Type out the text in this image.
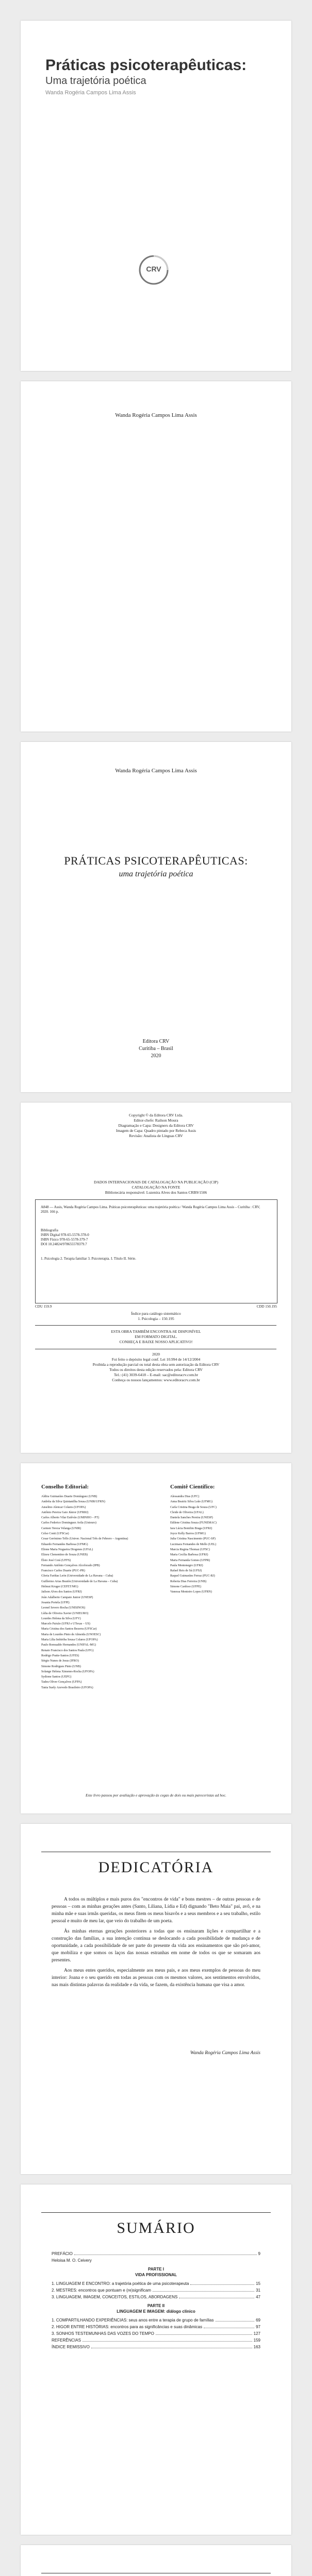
Práticas psicoterapêuticas:
Uma trajetória poética
Wanda Rogéria Campos Lima Assis
CRV
Wanda Rogéria Campos Lima Assis
Wanda Rogéria Campos Lima Assis
PRÁTICAS PSICOTERAPÊUTICAS:
uma trajetória poética
Editora CRV
Curitiba – Brasil
2020
Copyright © da Editora CRV Ltda.
Editor-chefe: Railson Moura
Diagramação e Capa: Designers da Editora CRV
Imagem de Capa: Quadro pintado por Rebeca Assis
Revisão: Analista de Línguas CRV
DADOS INTERNACIONAIS DE CATALOGAÇÃO NA PUBLICAÇÃO (CIP)
CATALOGAÇÃO NA FONTE
Bibliotecária responsável: Luzenira Alves dos Santos CRB9/1506
A848 — Assis, Wanda Rogéria Campos Lima. Práticas psicoterapêuticas: uma trajetória poética / Wanda Rogéria Campos Lima Assis – Curitiba : CRV, 2020. 166 p.
Bibliografia
ISBN Digital 978-65-5578-378-0
ISBN Físico 978-65-5578-379-7
DOI 10.24824/978655578379.7
1. Psicologia 2. Terapia familiar 3. Psicoterapia. I. Título II. Série.
CDU 159.9	CDD 150.195
Índice para catálogo sistemático
1. Psicologia – 150.195
ESTA OBRA TAMBÉM ENCONTRA-SE DISPONÍVEL
EM FORMATO DIGITAL.
CONHEÇA E BAIXE NOSSO APLICATIVO!
2020
Foi feito o depósito legal conf. Lei 10.994 de 14/12/2004
Proibida a reprodução parcial ou total desta obra sem autorização da Editora CRV
Todos os direitos desta edição reservados pela: Editora CRV
Tel.: (41) 3039-6418 – E-mail: sac@editoracrv.com.br
Conheça os nossos lançamentos: www.editoracrv.com.br
Conselho Editorial:	Comitê Científico:
Aldira Guimarães Duarte Domínguez (UNB)
Andréia da Silva Quintanilha Sousa (UNIR/UFRN)
Anselmo Alencar Colares (UFOPA)
Antônio Pereira Gaio Júnior (UFRRJ)
Carlos Alberto Vilar Estêvão (UMINHO – PT)
Carlos Federico Dominguez Avila (Unieuro)
Carmen Tereza Velanga (UNIR)
Celso Conti (UFSCar)
Cesar Gerónimo Tello (Univer. Nacional Três de Febrero – Argentina)
Eduardo Fernandes Barbosa (UFMG)
Elione Maria Nogueira Diogenes (UFAL)
Elizeu Clementino de Souza (UNEB)
Élsio José Corá (UFFS)
Fernando Antônio Gonçalves Alcoforado (IPB)
Francisco Carlos Duarte (PUC-PR)
Gloria Fariñas León (Universidade de La Havana – Cuba)
Guillermo Arias Beatón (Universidade de La Havana – Cuba)
Helmut Kruger (CEFET/MG)
Jailson Alves dos Santos (UFRJ)
João Adalberto Campato Junior (UNESP)
Josania Portela (UFPI)
Leonel Severo Rocha (UNISINOS)
Lídia de Oliveira Xavier (UNIEURO)
Lourdes Helena da Silva (UFV)
Marcelo Paixão (UFRJ e UTexas – US)
Maria Cristina dos Santos Bezerra (UFSCar)
Maria de Lourdes Pinto de Almeida (UNOESC)
Maria Lília Imbiriba Sousa Colares (UFOPA)
Paulo Romualdo Hernandes (UNIFAL-MG)
Renato Francisco dos Santos Paula (UFG)
Rodrigo Pratte-Santos (UFES)
Sérgio Nunes de Jesus (IFRO)
Simone Rodrigues Pinto (UNB)
Solange Helena Ximenes-Rocha (UFOPA)
Sydione Santos (UEPG)
Tadeu Oliver Gonçalves (UFPA)
Tania Suely Azevedo Brasileiro (UFOPA)
Alessandra Dias (UFC)
Anna Beatriz Silva Leão (UFMG)
Carla Cristina Braga de Souza (UFC)
Cleide de Oliveira (UFAL)
Daniela Sanches Pereira (UNESP)
Edilene Cristina Souza (FUNEMAC)
Iara Lúcia Bomfim Braga (UFRJ)
Joyce Kelly Barros (UFMG)
Julia Cristina Nascimento (PUC-SP)
Lucimara Fernandes de Mello (UEL)
Marcia Regina Thomaz (UFSC)
Maria Cecília Barbosa (UFRJ)
Maria Fernanda Gomes (UFPR)
Paula Montenegro (UFRJ)
Rafael Reis de Sá (UFSJ)
Raquel Guimarães Ferraz (PUC-RJ)
Roberta Dias Ferreira (UNB)
Simone Cardoso (UFPE)
Vanessa Monteiro Lopes (UFRN)
Este livro passou por avaliação e aprovação às cegas de dois ou mais pareceristas ad hoc.
DEDICATÓRIA

A todos os múltiplos e mais puros dos "encontros de vida" e bons mestres – de outras pessoas e de pessoas – com as minhas gerações antes (Santo, Liliana, Lídia e Ed) dignando "Beto Maia" pai, avô, e na minha mãe e suas irmãs queridas, os meus fitem os meus bisavôs e a seus membros e a seu trabalho, estilo pessoal e muito de meu lar, que veio do trabalho de um poeta.

Às minhas eternas gerações posteriores a todas que os ensinaram lições e compartilhar e a construção das famílias, a sua intenção contínua se deslocando a cada possibilidade de mudança e de oportunidade, a cada possibilidade de ser parte do presente da vida aos ensinamentos que são pró-amor, que mobiliza e que somos os laços das nossas estranhas em nome de todos os que se somaram aos presentes.

Aos meus entes queridos, especialmente aos meus pais, e aos meus exemplos de pessoas do meu interior: Joana e o seu querido em todas as pessoas com os mesmos valores, aos sentimentos envolvidos, nas mais distintas palavras da realidade e da vida, se fazem, da existência humana que visa a amor.

Wanda Rogéria Campos Lima Assis
SUMÁRIO
PREFÁCIO	9
Heloisa M. O. Ceivery
PARTE I
VIDA PROFISSIONAL
1. LINGUAGEM E ENCONTRO: a trajetória poética de uma psicoterapeuta	15
2. MESTRES: encontros que pontuam e (re)significam	31
3. LINGUAGEM, IMAGEM, CONCEITOS, ESTILOS, ABORDAGENS	47
PARTE II
LINGUAGEM E IMAGEM: diálogo clínico
1. COMPARTILHANDO EXPERIÊNCIAS: seus anos entre a terapia de grupo de famílias	69
2. HIGOR ENTRE HISTÓRIAS: encontros para as significâncias e suas dinâmicas	97
3. SONHOS TESTEMUNHAS DAS VOZES DO TEMPO	127
REFERÊNCIAS	159
ÍNDICE REMISSIVO	163
